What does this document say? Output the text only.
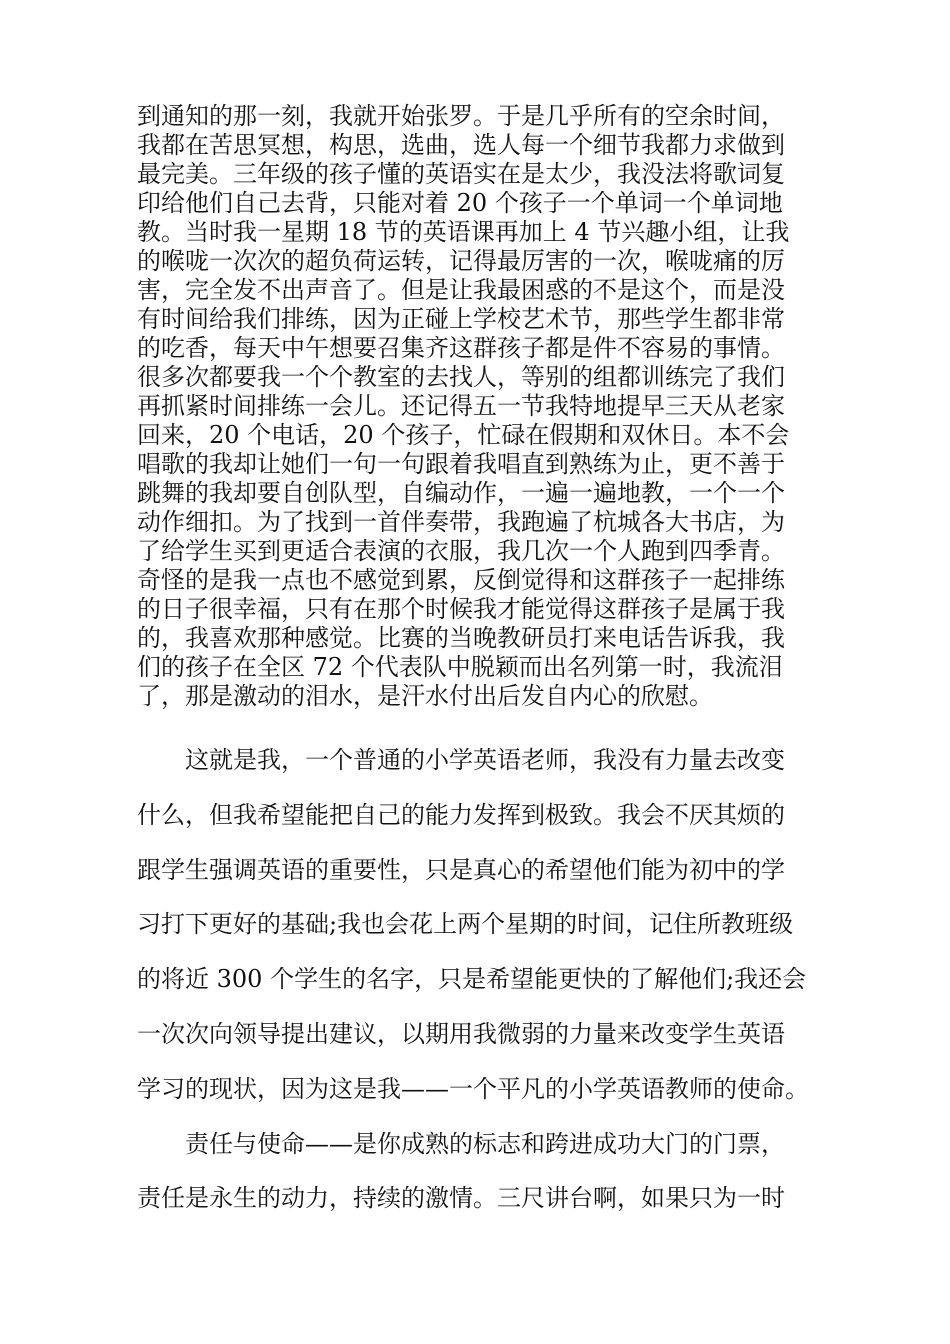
到通知的那一刻，我就开始张罗。于是几乎所有的空余时间，
我都在苦思冥想，构思，选曲，选人每一个细节我都力求做到
最完美。三年级的孩子懂的英语实在是太少，我没法将歌词复
印给他们自己去背，只能对着 20 个孩子一个单词一个单词地
教。当时我一星期 18 节的英语课再加上 4 节兴趣小组，让我
的喉咙一次次的超负荷运转，记得最厉害的一次，喉咙痛的厉
害，完全发不出声音了。但是让我最困惑的不是这个，而是没
有时间给我们排练，因为正碰上学校艺术节，那些学生都非常
的吃香，每天中午想要召集齐这群孩子都是件不容易的事情。
很多次都要我一个个教室的去找人，等别的组都训练完了我们
再抓紧时间排练一会儿。还记得五一节我特地提早三天从老家
回来，20 个电话，20 个孩子，忙碌在假期和双休日。本不会
唱歌的我却让她们一句一句跟着我唱直到熟练为止，更不善于
跳舞的我却要自创队型，自编动作，一遍一遍地教，一个一个
动作细扣。为了找到一首伴奏带，我跑遍了杭城各大书店，为
了给学生买到更适合表演的衣服，我几次一个人跑到四季青。
奇怪的是我一点也不感觉到累，反倒觉得和这群孩子一起排练
的日子很幸福，只有在那个时候我才能觉得这群孩子是属于我
的，我喜欢那种感觉。比赛的当晚教研员打来电话告诉我，我
们的孩子在全区 72 个代表队中脱颖而出名列第一时，我流泪
了，那是激动的泪水，是汗水付出后发自内心的欣慰。
　　这就是我，一个普通的小学英语老师，我没有力量去改变
什么，但我希望能把自己的能力发挥到极致。我会不厌其烦的
跟学生强调英语的重要性，只是真心的希望他们能为初中的学
习打下更好的基础;我也会花上两个星期的时间，记住所教班级
的将近 300 个学生的名字，只是希望能更快的了解他们;我还会
一次次向领导提出建议，以期用我微弱的力量来改变学生英语
学习的现状，因为这是我——一个平凡的小学英语教师的使命。
　　责任与使命——是你成熟的标志和跨进成功大门的门票，
责任是永生的动力，持续的激情。三尺讲台啊，如果只为一时
